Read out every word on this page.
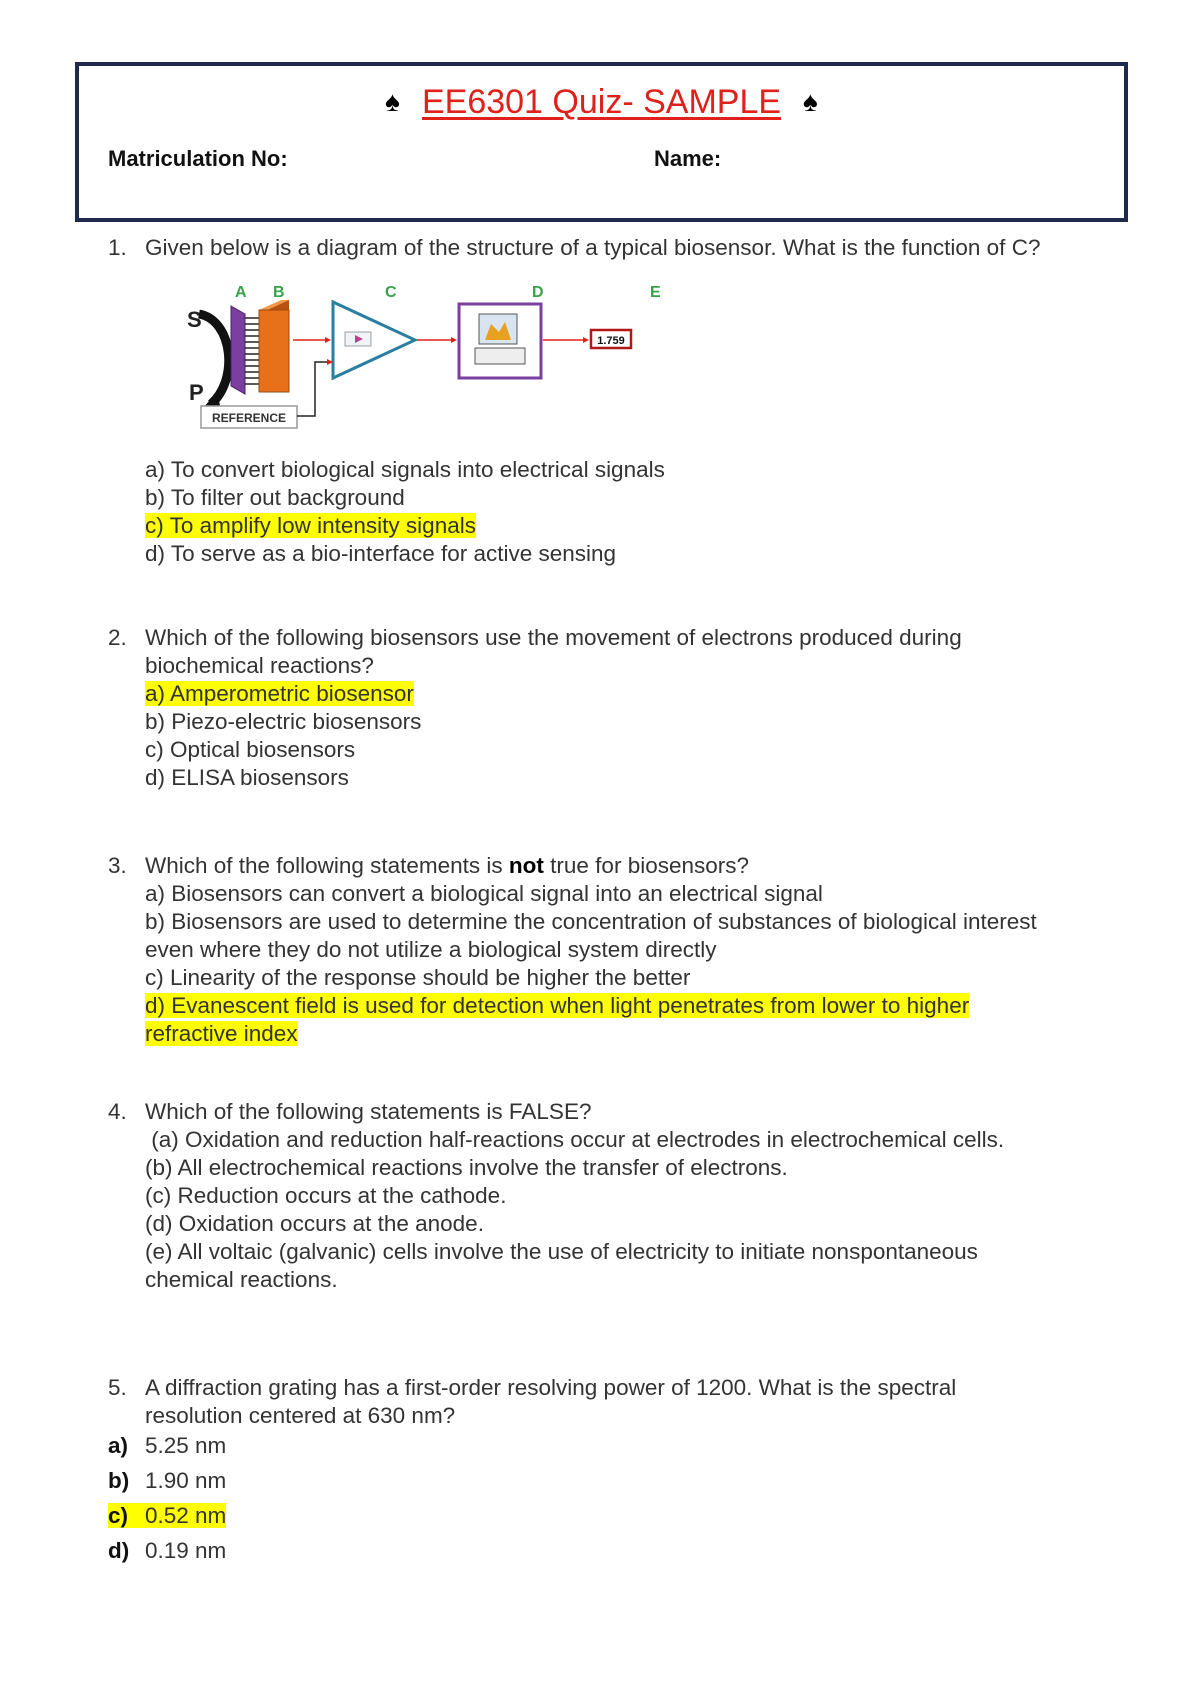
♠ EE6301 Quiz- SAMPLE ♠
Matriculation No:	Name:
1. Given below is a diagram of the structure of a typical biosensor. What is the function of C?
A B	C	D	E
S
P
1.759
REFERENCE
a) To convert biological signals into electrical signals
b) To filter out background
c) To amplify low intensity signals
d) To serve as a bio-interface for active sensing
2. Which of the following biosensors use the movement of electrons produced during
biochemical reactions?
a) Amperometric biosensor
b) Piezo-electric biosensors
c) Optical biosensors
d) ELISA biosensors
3. Which of the following statements is not true for biosensors?
a) Biosensors can convert a biological signal into an electrical signal
b) Biosensors are used to determine the concentration of substances of biological interest
even where they do not utilize a biological system directly
c) Linearity of the response should be higher the better
d) Evanescent field is used for detection when light penetrates from lower to higher
refractive index
4. Which of the following statements is FALSE?
(a) Oxidation and reduction half-reactions occur at electrodes in electrochemical cells.
(b) All electrochemical reactions involve the transfer of electrons.
(c) Reduction occurs at the cathode.
(d) Oxidation occurs at the anode.
(e) All voltaic (galvanic) cells involve the use of electricity to initiate nonspontaneous
chemical reactions.
5. A diffraction grating has a first-order resolving power of 1200. What is the spectral
resolution centered at 630 nm?
a) 5.25 nm
b) 1.90 nm
c) 0.52 nm
d) 0.19 nm
